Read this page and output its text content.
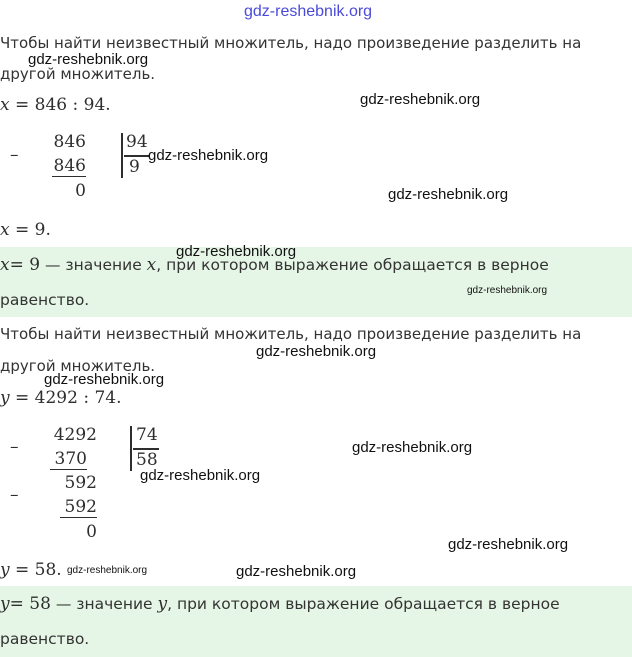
gdz-reshebnik.org
Чтобы найти неизвестный множитель, надо произведение разделить на
другой множитель.
gdz-reshebnik.org
x = 846 : 94.	gdz-reshebnik.org
–
846
846
0
94
9
gdz-reshebnik.org
gdz-reshebnik.org
x = 9.
gdz-reshebnik.org
x= 9 — значение x, при котором выражение обращается в верное
равенство.
gdz-reshebnik.org
Чтобы найти неизвестный множитель, надо произведение разделить на
другой множитель.
gdz-reshebnik.org
gdz-reshebnik.org
y = 4292 : 74.
–
4292
370
–
592
592
0
74
58
gdz-reshebnik.org
gdz-reshebnik.org
gdz-reshebnik.org
y = 58. gdz-reshebnik.org	gdz-reshebnik.org
y= 58 — значение y, при котором выражение обращается в верное
равенство.
